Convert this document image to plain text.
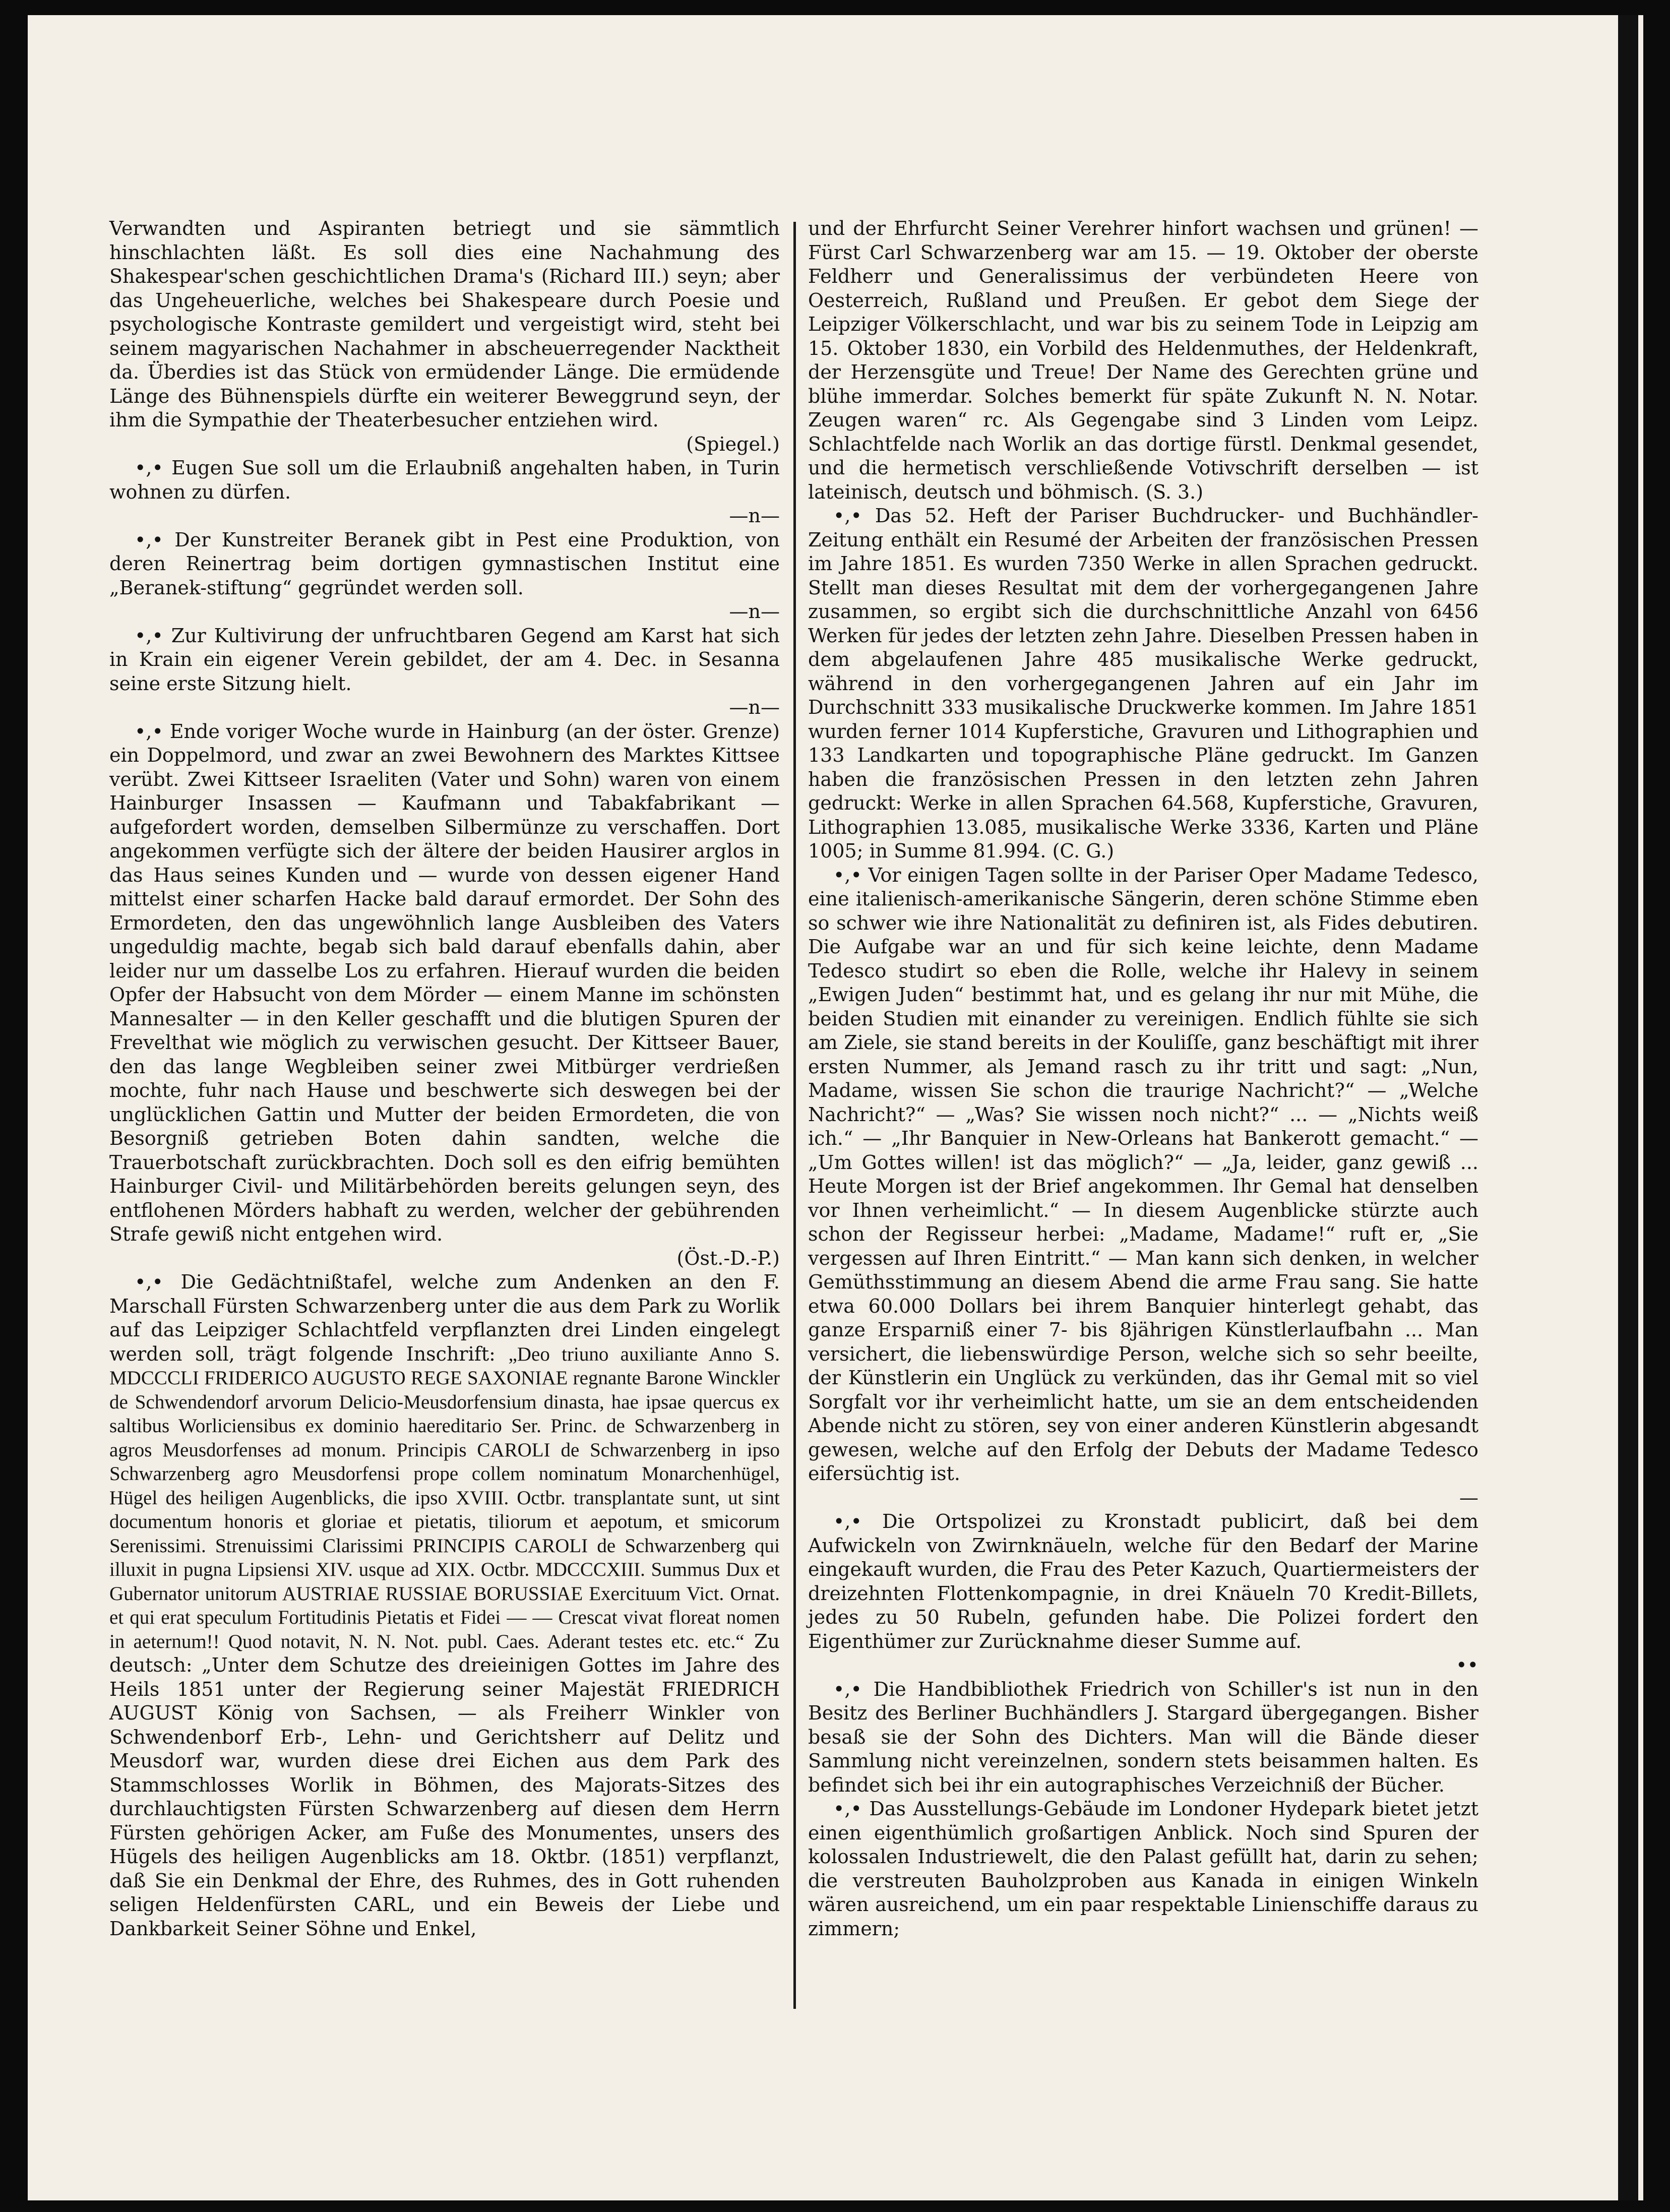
Verwandten und Aspiranten betriegt und sie sämmtlich hinschlachten läßt. Es soll dies eine Nachahmung des Shakespear'schen geschichtlichen Drama's (Richard III.) seyn; aber das Ungeheuerliche, welches bei Shakespeare durch Poesie und psychologische Kontraste gemildert und vergeistigt wird, steht bei seinem magyarischen Nachahmer in abscheuerregender Nacktheit da. Überdies ist das Stück von ermüdender Länge. Die ermüdende Länge des Bühnenspiels dürfte ein weiterer Beweggrund seyn, der ihm die Sympathie der Theaterbesucher entziehen wird.
(Spiegel.)

•,• Eugen Sue soll um die Erlaubniß angehalten haben, in Turin wohnen zu dürfen.
—n—

•,• Der Kunstreiter Beranek gibt in Pest eine Produktion, von deren Reinertrag beim dortigen gymnastischen Institut eine „Beranek-stiftung“ gegründet werden soll.
—n—

•,• Zur Kultivirung der unfruchtbaren Gegend am Karst hat sich in Krain ein eigener Verein gebildet, der am 4. Dec. in Sesanna seine erste Sitzung hielt.
—n—

•,• Ende voriger Woche wurde in Hainburg (an der öster. Grenze) ein Doppelmord, und zwar an zwei Bewohnern des Marktes Kittsee verübt. Zwei Kittseer Israeliten (Vater und Sohn) waren von einem Hainburger Insassen — Kaufmann und Tabakfabrikant — aufgefordert worden, demselben Silbermünze zu verschaffen. Dort angekommen verfügte sich der ältere der beiden Hausirer arglos in das Haus seines Kunden und — wurde von dessen eigener Hand mittelst einer scharfen Hacke bald darauf ermordet. Der Sohn des Ermordeten, den das ungewöhnlich lange Ausbleiben des Vaters ungeduldig machte, begab sich bald darauf ebenfalls dahin, aber leider nur um dasselbe Los zu erfahren. Hierauf wurden die beiden Opfer der Habsucht von dem Mörder — einem Manne im schönsten Mannesalter — in den Keller geschafft und die blutigen Spuren der Frevelthat wie möglich zu verwischen gesucht. Der Kittseer Bauer, den das lange Wegbleiben seiner zwei Mitbürger verdrießen mochte, fuhr nach Hause und beschwerte sich deswegen bei der unglücklichen Gattin und Mutter der beiden Ermordeten, die von Besorgniß getrieben Boten dahin sandten, welche die Trauerbotschaft zurückbrachten. Doch soll es den eifrig bemühten Hainburger Civil- und Militärbehörden bereits gelungen seyn, des entflohenen Mörders habhaft zu werden, welcher der gebührenden Strafe gewiß nicht entgehen wird.
(Öst.-D.-P.)

•,• Die Gedächtnißtafel, welche zum Andenken an den F. Marschall Fürsten Schwarzenberg unter die aus dem Park zu Worlik auf das Leipziger Schlachtfeld verpflanzten drei Linden eingelegt werden soll, trägt folgende Inschrift: „Deo triuno auxiliante Anno S. MDCCCLI FRIDERICO AUGUSTO REGE SAXONIAE regnante Barone Winckler de Schwendendorf arvorum Delicio-Meusdorfensium dinasta, hae ipsae quercus ex saltibus Worliciensibus ex dominio haereditario Ser. Princ. de Schwarzenberg in agros Meusdorfenses ad monum. Principis CAROLI de Schwarzenberg in ipso Schwarzenberg agro Meusdorfensi prope collem nominatum Monarchenhügel, Hügel des heiligen Augenblicks, die ipso XVIII. Octbr. transplantate sunt, ut sint documentum honoris et gloriae et pietatis, tiliorum et aepotum, et smicorum Serenissimi. Strenuissimi Clarissimi PRINCIPIS CAROLI de Schwarzenberg qui illuxit in pugna Lipsiensi XIV. usque ad XIX. Octbr. MDCCCXIII. Summus Dux et Gubernator unitorum AUSTRIAE RUSSIAE BORUSSIAE Exercituum Vict. Ornat. et qui erat speculum Fortitudinis Pietatis et Fidei — — Crescat vivat floreat nomen in aeternum!! Quod notavit, N. N. Not. publ. Caes. Aderant testes etc. etc.“ Zu deutsch: „Unter dem Schutze des dreieinigen Gottes im Jahre des Heils 1851 unter der Regierung seiner Majestät FRIEDRICH AUGUST König von Sachsen, — als Freiherr Winkler von Schwendenborf Erb-, Lehn- und Gerichtsherr auf Delitz und Meusdorf war, wurden diese drei Eichen aus dem Park des Stammschlosses Worlik in Böhmen, des Majorats-Sitzes des durchlauchtigsten Fürsten Schwarzenberg auf diesen dem Herrn Fürsten gehörigen Acker, am Fuße des Monumentes, unsers des Hügels des heiligen Augenblicks am 18. Oktbr. (1851) verpflanzt, daß Sie ein Denkmal der Ehre, des Ruhmes, des in Gott ruhenden seligen Heldenfürsten CARL, und ein Beweis der Liebe und Dankbarkeit Seiner Söhne und Enkel,

und der Ehrfurcht Seiner Verehrer hinfort wachsen und grünen! — Fürst Carl Schwarzenberg war am 15. — 19. Oktober der oberste Feldherr und Generalissimus der verbündeten Heere von Oesterreich, Rußland und Preußen. Er gebot dem Siege der Leipziger Völkerschlacht, und war bis zu seinem Tode in Leipzig am 15. Oktober 1830, ein Vorbild des Heldenmuthes, der Heldenkraft, der Herzensgüte und Treue! Der Name des Gerechten grüne und blühe immerdar. Solches bemerkt für späte Zukunft N. N. Notar. Zeugen waren“ rc. Als Gegengabe sind 3 Linden vom Leipz. Schlachtfelde nach Worlik an das dortige fürstl. Denkmal gesendet, und die hermetisch verschließende Votivschrift derselben — ist lateinisch, deutsch und böhmisch. (S. 3.)

•,• Das 52. Heft der Pariser Buchdrucker- und Buchhändler-Zeitung enthält ein Resumé der Arbeiten der französischen Pressen im Jahre 1851. Es wurden 7350 Werke in allen Sprachen gedruckt. Stellt man dieses Resultat mit dem der vorhergegangenen Jahre zusammen, so ergibt sich die durchschnittliche Anzahl von 6456 Werken für jedes der letzten zehn Jahre. Dieselben Pressen haben in dem abgelaufenen Jahre 485 musikalische Werke gedruckt, während in den vorhergegangenen Jahren auf ein Jahr im Durchschnitt 333 musikalische Druckwerke kommen. Im Jahre 1851 wurden ferner 1014 Kupferstiche, Gravuren und Lithographien und 133 Landkarten und topographische Pläne gedruckt. Im Ganzen haben die französischen Pressen in den letzten zehn Jahren gedruckt: Werke in allen Sprachen 64.568, Kupferstiche, Gravuren, Lithographien 13.085, musikalische Werke 3336, Karten und Pläne 1005; in Summe 81.994. (C. G.)

•,• Vor einigen Tagen sollte in der Pariser Oper Madame Tedesco, eine italienisch-amerikanische Sängerin, deren schöne Stimme eben so schwer wie ihre Nationalität zu definiren ist, als Fides debutiren. Die Aufgabe war an und für sich keine leichte, denn Madame Tedesco studirt so eben die Rolle, welche ihr Halevy in seinem „Ewigen Juden“ bestimmt hat, und es gelang ihr nur mit Mühe, die beiden Studien mit einander zu vereinigen. Endlich fühlte sie sich am Ziele, sie stand bereits in der Kouliſſe, ganz beschäftigt mit ihrer ersten Nummer, als Jemand rasch zu ihr tritt und sagt: „Nun, Madame, wissen Sie schon die traurige Nachricht?“ — „Welche Nachricht?“ — „Was? Sie wissen noch nicht?“ ... — „Nichts weiß ich.“ — „Ihr Banquier in New-Orleans hat Bankerott gemacht.“ — „Um Gottes willen! ist das möglich?“ — „Ja, leider, ganz gewiß ... Heute Morgen ist der Brief angekommen. Ihr Gemal hat denselben vor Ihnen verheimlicht.“ — In diesem Augenblicke stürzte auch schon der Regisseur herbei: „Madame, Madame!“ ruft er, „Sie vergessen auf Ihren Eintritt.“ — Man kann sich denken, in welcher Gemüthsstimmung an diesem Abend die arme Frau sang. Sie hatte etwa 60.000 Dollars bei ihrem Banquier hinterlegt gehabt, das ganze Ersparniß einer 7- bis 8jährigen Künstlerlaufbahn ... Man versichert, die liebenswürdige Person, welche sich so sehr beeilte, der Künstlerin ein Unglück zu verkünden, das ihr Gemal mit so viel Sorgfalt vor ihr verheimlicht hatte, um sie an dem entscheidenden Abende nicht zu stören, sey von einer anderen Künstlerin abgesandt gewesen, welche auf den Erfolg der Debuts der Madame Tedesco eifersüchtig ist.
—

•,• Die Ortspolizei zu Kronstadt publicirt, daß bei dem Aufwickeln von Zwirnknäueln, welche für den Bedarf der Marine eingekauft wurden, die Frau des Peter Kazuch, Quartiermeisters der dreizehnten Flottenkompagnie, in drei Knäueln 70 Kredit-Billets, jedes zu 50 Rubeln, gefunden habe. Die Polizei fordert den Eigenthümer zur Zurücknahme dieser Summe auf.
••

•,• Die Handbibliothek Friedrich von Schiller's ist nun in den Besitz des Berliner Buchhändlers J. Stargard übergegangen. Bisher besaß sie der Sohn des Dichters. Man will die Bände dieser Sammlung nicht vereinzelnen, sondern stets beisammen halten. Es befindet sich bei ihr ein autographisches Verzeichniß der Bücher.

•,• Das Ausstellungs-Gebäude im Londoner Hydepark bietet jetzt einen eigenthümlich großartigen Anblick. Noch sind Spuren der kolossalen Industriewelt, die den Palast gefüllt hat, darin zu sehen; die verstreuten Bauholzproben aus Kanada in einigen Winkeln wären ausreichend, um ein paar respektable Linienschiffe daraus zu zimmern;
